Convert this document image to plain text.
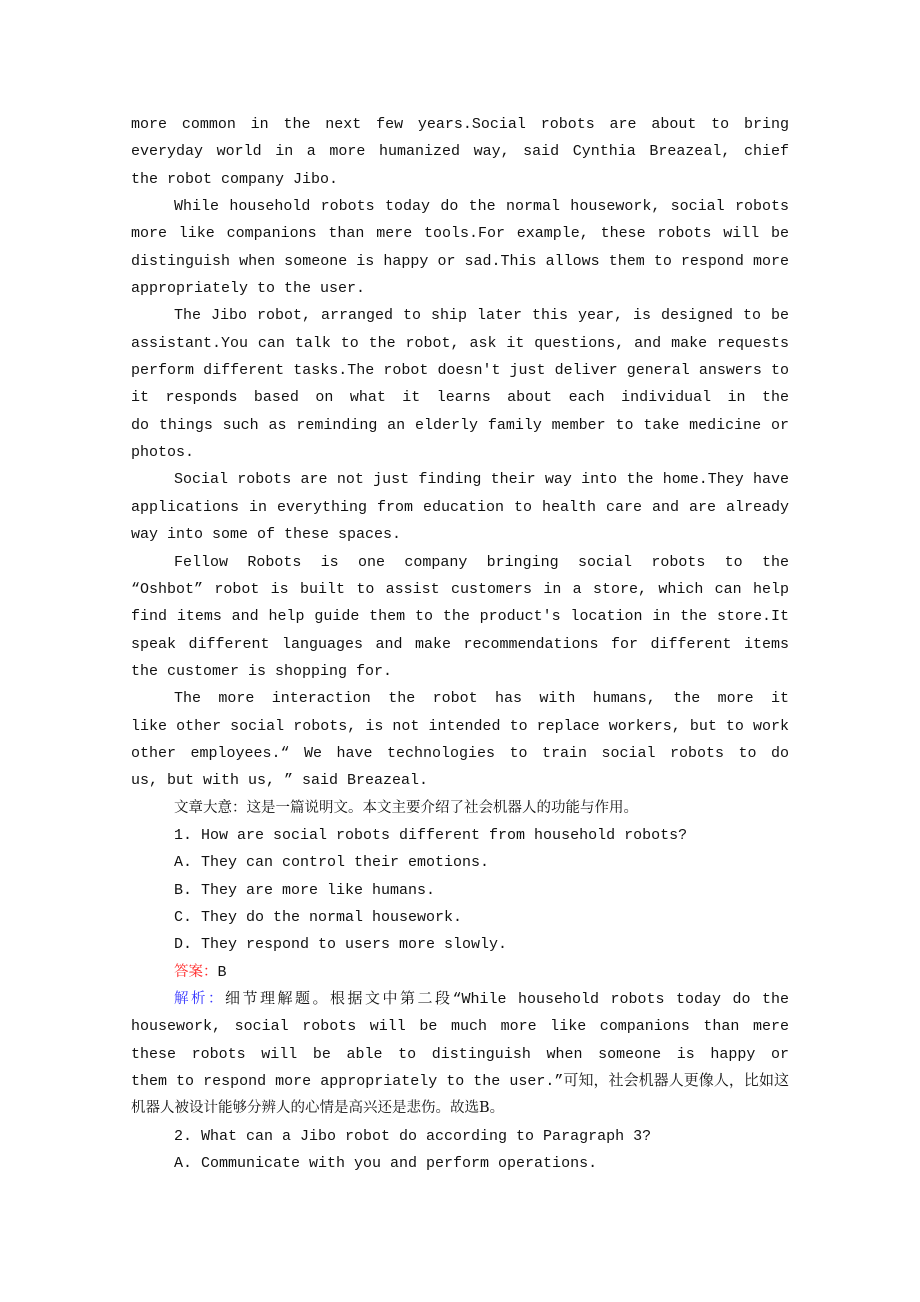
more common in the next few years.Social robots are about to bring
everyday world in a more humanized way, said Cynthia Breazeal, chief
the robot company Jibo.
While household robots today do the normal housework, social robots
more like companions than mere tools.For example, these robots will be
distinguish when someone is happy or sad.This allows them to respond more
appropriately to the user.
The Jibo robot, arranged to ship later this year, is designed to be
assistant.You can talk to the robot, ask it questions, and make requests
perform different tasks.The robot doesn't just deliver general answers to
it responds based on what it learns about each individual in the
do things such as reminding an elderly family member to take medicine or
photos.
Social robots are not just finding their way into the home.They have
applications in everything from education to health care and are already
way into some of these spaces.
Fellow Robots is one company bringing social robots to the
“Oshbot” robot is built to assist customers in a store, which can help
find items and help guide them to the product's location in the store.It
speak different languages and make recommendations for different items
the customer is shopping for.
The more interaction the robot has with humans, the more it
like other social robots, is not intended to replace workers, but to work
other employees.“ We have technologies to train social robots to do
us, but with us, ” said Breazeal.
文章大意：这是一篇说明文。本文主要介绍了社会机器人的功能与作用。
1. How are social robots different from household robots?
A. They can control their emotions.
B. They are more like humans.
C. They do the normal housework.
D. They respond to users more slowly.
答案：B
解析：细节理解题。根据文中第二段“While household robots today do the
housework, social robots will be much more like companions than mere
these robots will be able to distinguish when someone is happy or
them to respond more appropriately to the user.”可知，社会机器人更像人，比如这
机器人被设计能够分辨人的心情是高兴还是悲伤。故选B。
2. What can a Jibo robot do according to Paragraph 3?
A. Communicate with you and perform operations.
